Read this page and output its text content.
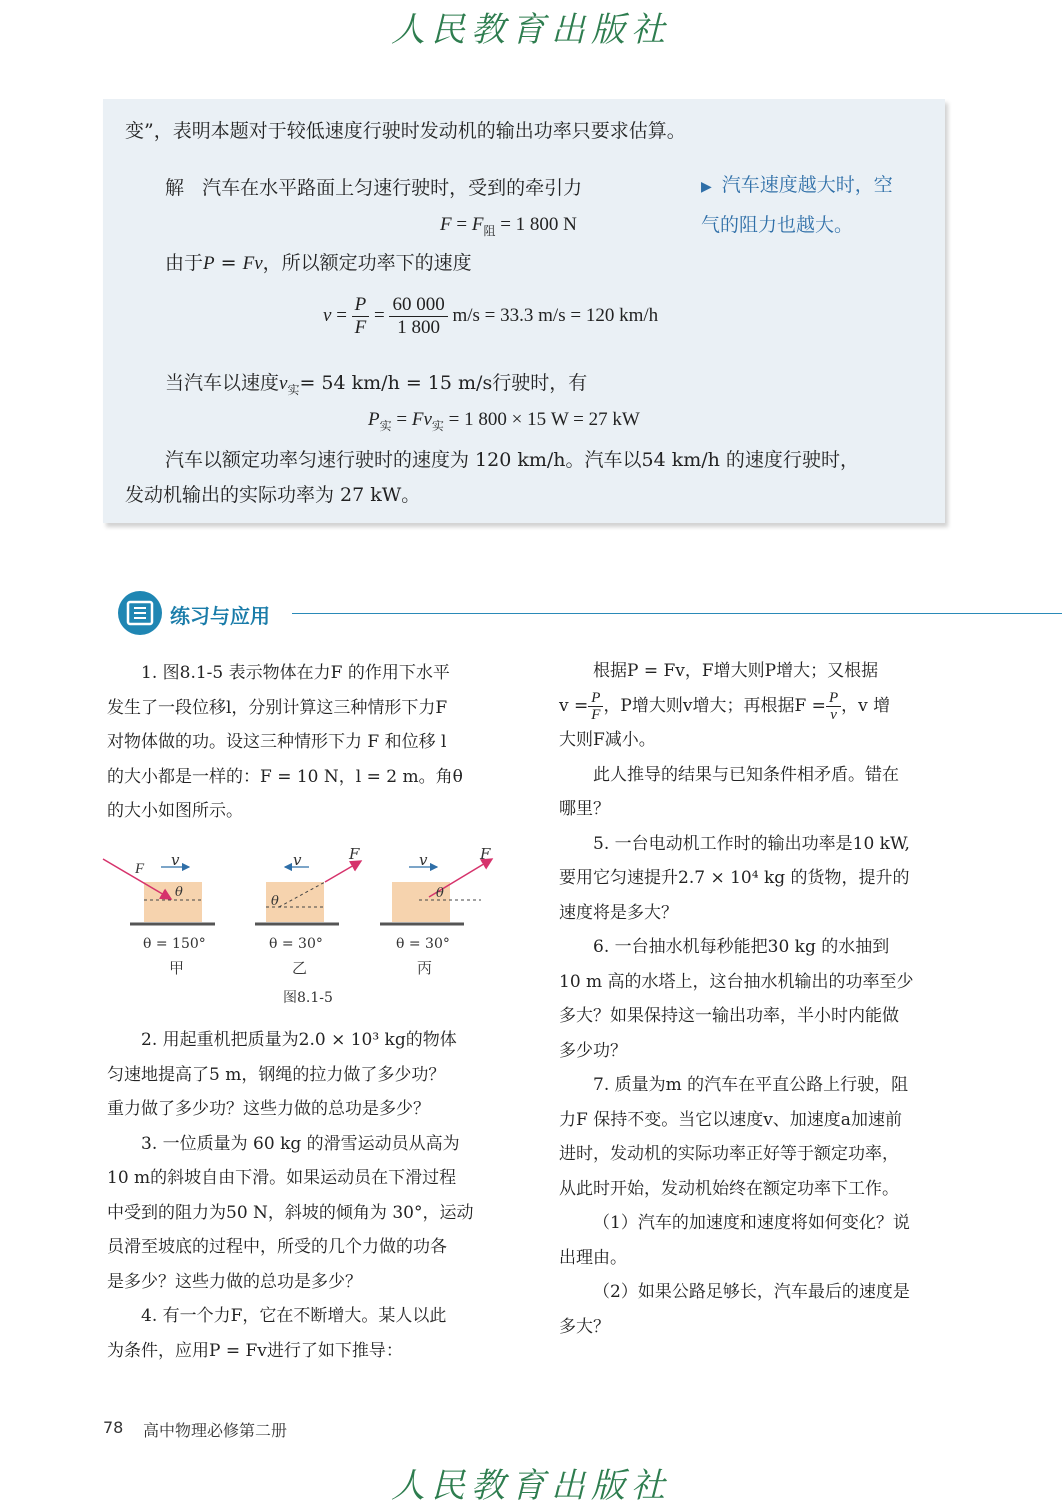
人民教育出版社
变”，表明本题对于较低速度行驶时发动机的输出功率只要求估算。
解 汽车在水平路面上匀速行驶时，受到的牵引力
$F = F_阻 = 1$ 800 N
由于P = Fv，所以额定功率下的速度
$v = \frac{P}{F} = \frac{60 000}{1 800} m/s = 33.3$ m/s = 120 km/h
当汽车以速度$v_实= 54$ km/h = 15 m/s行驶时，有
$P_实 = Fv_实 = 1$ 800 × 15 W = 27 kW
汽车以额定功率匀速行驶时的速度为 120 km/h。汽车以54 km/h 的速度行驶时，
发动机输出的实际功率为 27 kW。
▶ 汽车速度越大时，空
气的阻力也越大。
练习与应用

1. 图8.1-5 表示物体在力F 的作用下水平

发生了一段位移l，分别计算这三种情形下力F

对物体做的功。设这三种情形下力 F 和位移 l

的大小都是一样的：F = 10 N，l = 2 m。角θ

的大小如图所示。

F v
θ
F
v
θ
F
v
θ
θ = 150°	θ = 30°	θ = 30°
甲	乙	丙
图8.1-5

2. 用起重机把质量为2.0 × 10³ kg的物体

匀速地提高了5 m，钢绳的拉力做了多少功？

重力做了多少功？这些力做的总功是多少？

3. 一位质量为 60 kg 的滑雪运动员从高为

10 m的斜坡自由下滑。如果运动员在下滑过程

中受到的阻力为50 N，斜坡的倾角为 30°，运动

员滑至坡底的过程中，所受的几个力做的功各

是多少？这些力做的总功是多少？

4. 有一个力F，它在不断增大。某人以此

为条件，应用P = Fv进行了如下推导：

根据P = Fv，F增大则P增大；又根据

$v = \frac{P}{F}$ ，P增大则v增大；再根据$F = \frac{P}{v}$ ，v 增

大则F减小。

此人推导的结果与已知条件相矛盾。错在

哪里？

5. 一台电动机工作时的输出功率是10 kW,

要用它匀速提升2.7 × 10⁴ kg 的货物，提升的

速度将是多大？

6. 一台抽水机每秒能把30 kg 的水抽到

10 m 高的水塔上，这台抽水机输出的功率至少

多大？如果保持这一输出功率，半小时内能做

多少功？

7. 质量为m 的汽车在平直公路上行驶，阻

力F 保持不变。当它以速度v、加速度a加速前

进时，发动机的实际功率正好等于额定功率，

从此时开始，发动机始终在额定功率下工作。

（1）汽车的加速度和速度将如何变化？说

出理由。

（2）如果公路足够长，汽车最后的速度是

多大？

78 高中物理必修第二册
人民教育出版社
